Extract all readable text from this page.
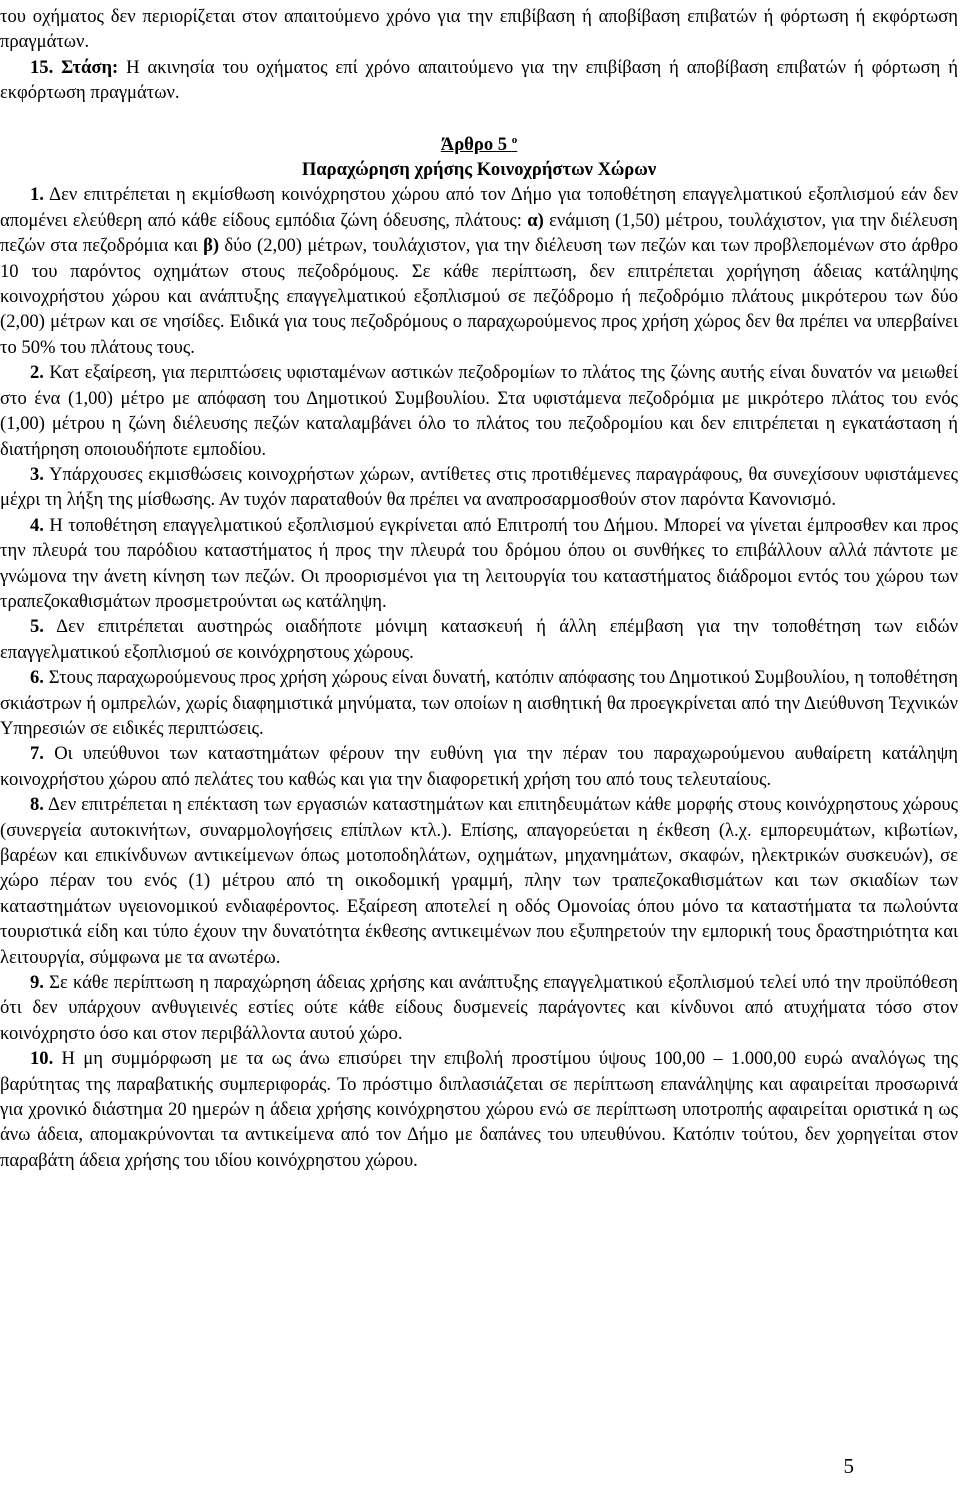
του οχήματος δεν περιορίζεται στον απαιτούμενο χρόνο για την επιβίβαση ή αποβίβαση επιβατών ή φόρτωση ή εκφόρτωση πραγμάτων.

15. Στάση: Η ακινησία του οχήματος επί χρόνο απαιτούμενο για την επιβίβαση ή αποβίβαση επιβατών ή φόρτωση ή εκφόρτωση πραγμάτων.

Άρθρο 5 $^o$
Παραχώρηση χρήσης Κοινοχρήστων Χώρων

1. Δεν επιτρέπεται η εκμίσθωση κοινόχρηστου χώρου από τον Δήμο για τοποθέτηση επαγγελματικού εξοπλισμού εάν δεν απομένει ελεύθερη από κάθε είδους εμπόδια ζώνη όδευσης, πλάτους: α) ενάμιση (1,50) μέτρου, τουλάχιστον, για την διέλευση πεζών στα πεζοδρόμια και β) δύο (2,00) μέτρων, τουλάχιστον, για την διέλευση των πεζών και των προβλεπομένων στο άρθρο 10 του παρόντος οχημάτων στους πεζοδρόμους. Σε κάθε περίπτωση, δεν επιτρέπεται χορήγηση άδειας κατάληψης κοινοχρήστου χώρου και ανάπτυξης επαγγελματικού εξοπλισμού σε πεζόδρομο ή πεζοδρόμιο πλάτους μικρότερου των δύο (2,00) μέτρων και σε νησίδες. Ειδικά για τους πεζοδρόμους ο παραχωρούμενος προς χρήση χώρος δεν θα πρέπει να υπερβαίνει το 50% του πλάτους τους.

2. Κατ εξαίρεση, για περιπτώσεις υφισταμένων αστικών πεζοδρομίων το πλάτος της ζώνης αυτής είναι δυνατόν να μειωθεί στο ένα (1,00) μέτρο με απόφαση του Δημοτικού Συμβουλίου. Στα υφιστάμενα πεζοδρόμια με μικρότερο πλάτος του ενός (1,00) μέτρου η ζώνη διέλευσης πεζών καταλαμβάνει όλο το πλάτος του πεζοδρομίου και δεν επιτρέπεται η εγκατάσταση ή διατήρηση οποιουδήποτε εμποδίου.

3. Υπάρχουσες εκμισθώσεις κοινοχρήστων χώρων, αντίθετες στις προτιθέμενες παραγράφους, θα συνεχίσουν υφιστάμενες μέχρι τη λήξη της μίσθωσης. Αν τυχόν παραταθούν θα πρέπει να αναπροσαρμοσθούν στον παρόντα Κανονισμό.

4. Η τοποθέτηση επαγγελματικού εξοπλισμού εγκρίνεται από Επιτροπή του Δήμου. Μπορεί να γίνεται έμπροσθεν και προς την πλευρά του παρόδιου καταστήματος ή προς την πλευρά του δρόμου όπου οι συνθήκες το επιβάλλουν αλλά πάντοτε με γνώμονα την άνετη κίνηση των πεζών. Οι προορισμένοι για τη λειτουργία του καταστήματος διάδρομοι εντός του χώρου των τραπεζοκαθισμάτων προσμετρούνται ως κατάληψη.

5. Δεν επιτρέπεται αυστηρώς οιαδήποτε μόνιμη κατασκευή ή άλλη επέμβαση για την τοποθέτηση των ειδών επαγγελματικού εξοπλισμού σε κοινόχρηστους χώρους.

6. Στους παραχωρούμενους προς χρήση χώρους είναι δυνατή, κατόπιν απόφασης του Δημοτικού Συμβουλίου, η τοποθέτηση σκιάστρων ή ομπρελών, χωρίς διαφημιστικά μηνύματα, των οποίων η αισθητική θα προεγκρίνεται από την Διεύθυνση Τεχνικών Υπηρεσιών σε ειδικές περιπτώσεις.

7. Οι υπεύθυνοι των καταστημάτων φέρουν την ευθύνη για την πέραν του παραχωρούμενου αυθαίρετη κατάληψη κοινοχρήστου χώρου από πελάτες του καθώς και για την διαφορετική χρήση του από τους τελευταίους.

8. Δεν επιτρέπεται η επέκταση των εργασιών καταστημάτων και επιτηδευμάτων κάθε μορφής στους κοινόχρηστους χώρους (συνεργεία αυτοκινήτων, συναρμολογήσεις επίπλων κτλ.). Επίσης, απαγορεύεται η έκθεση (λ.χ. εμπορευμάτων, κιβωτίων, βαρέων και επικίνδυνων αντικείμενων όπως μοτοποδηλάτων, οχημάτων, μηχανημάτων, σκαφών, ηλεκτρικών συσκευών), σε χώρο πέραν του ενός (1) μέτρου από τη οικοδομική γραμμή, πλην των τραπεζοκαθισμάτων και των σκιαδίων των καταστημάτων υγειονομικού ενδιαφέροντος. Εξαίρεση αποτελεί η οδός Ομονοίας όπου μόνο τα καταστήματα τα πωλούντα τουριστικά είδη και τύπο έχουν την δυνατότητα έκθεσης αντικειμένων που εξυπηρετούν την εμπορική τους δραστηριότητα και λειτουργία, σύμφωνα με τα ανωτέρω.

9. Σε κάθε περίπτωση η παραχώρηση άδειας χρήσης και ανάπτυξης επαγγελματικού εξοπλισμού τελεί υπό την προϋπόθεση ότι δεν υπάρχουν ανθυγιεινές εστίες ούτε κάθε είδους δυσμενείς παράγοντες και κίνδυνοι από ατυχήματα τόσο στον κοινόχρηστο όσο και στον περιβάλλοντα αυτού χώρο.

10. Η μη συμμόρφωση με τα ως άνω επισύρει την επιβολή προστίμου ύψους 100,00 – 1.000,00 ευρώ αναλόγως της βαρύτητας της παραβατικής συμπεριφοράς. Το πρόστιμο διπλασιάζεται σε περίπτωση επανάληψης και αφαιρείται προσωρινά για χρονικό διάστημα 20 ημερών η άδεια χρήσης κοινόχρηστου χώρου ενώ σε περίπτωση υποτροπής αφαιρείται οριστικά η ως άνω άδεια, απομακρύνονται τα αντικείμενα από τον Δήμο με δαπάνες του υπευθύνου. Κατόπιν τούτου, δεν χορηγείται στον παραβάτη άδεια χρήσης του ιδίου κοινόχρηστου χώρου.

5
